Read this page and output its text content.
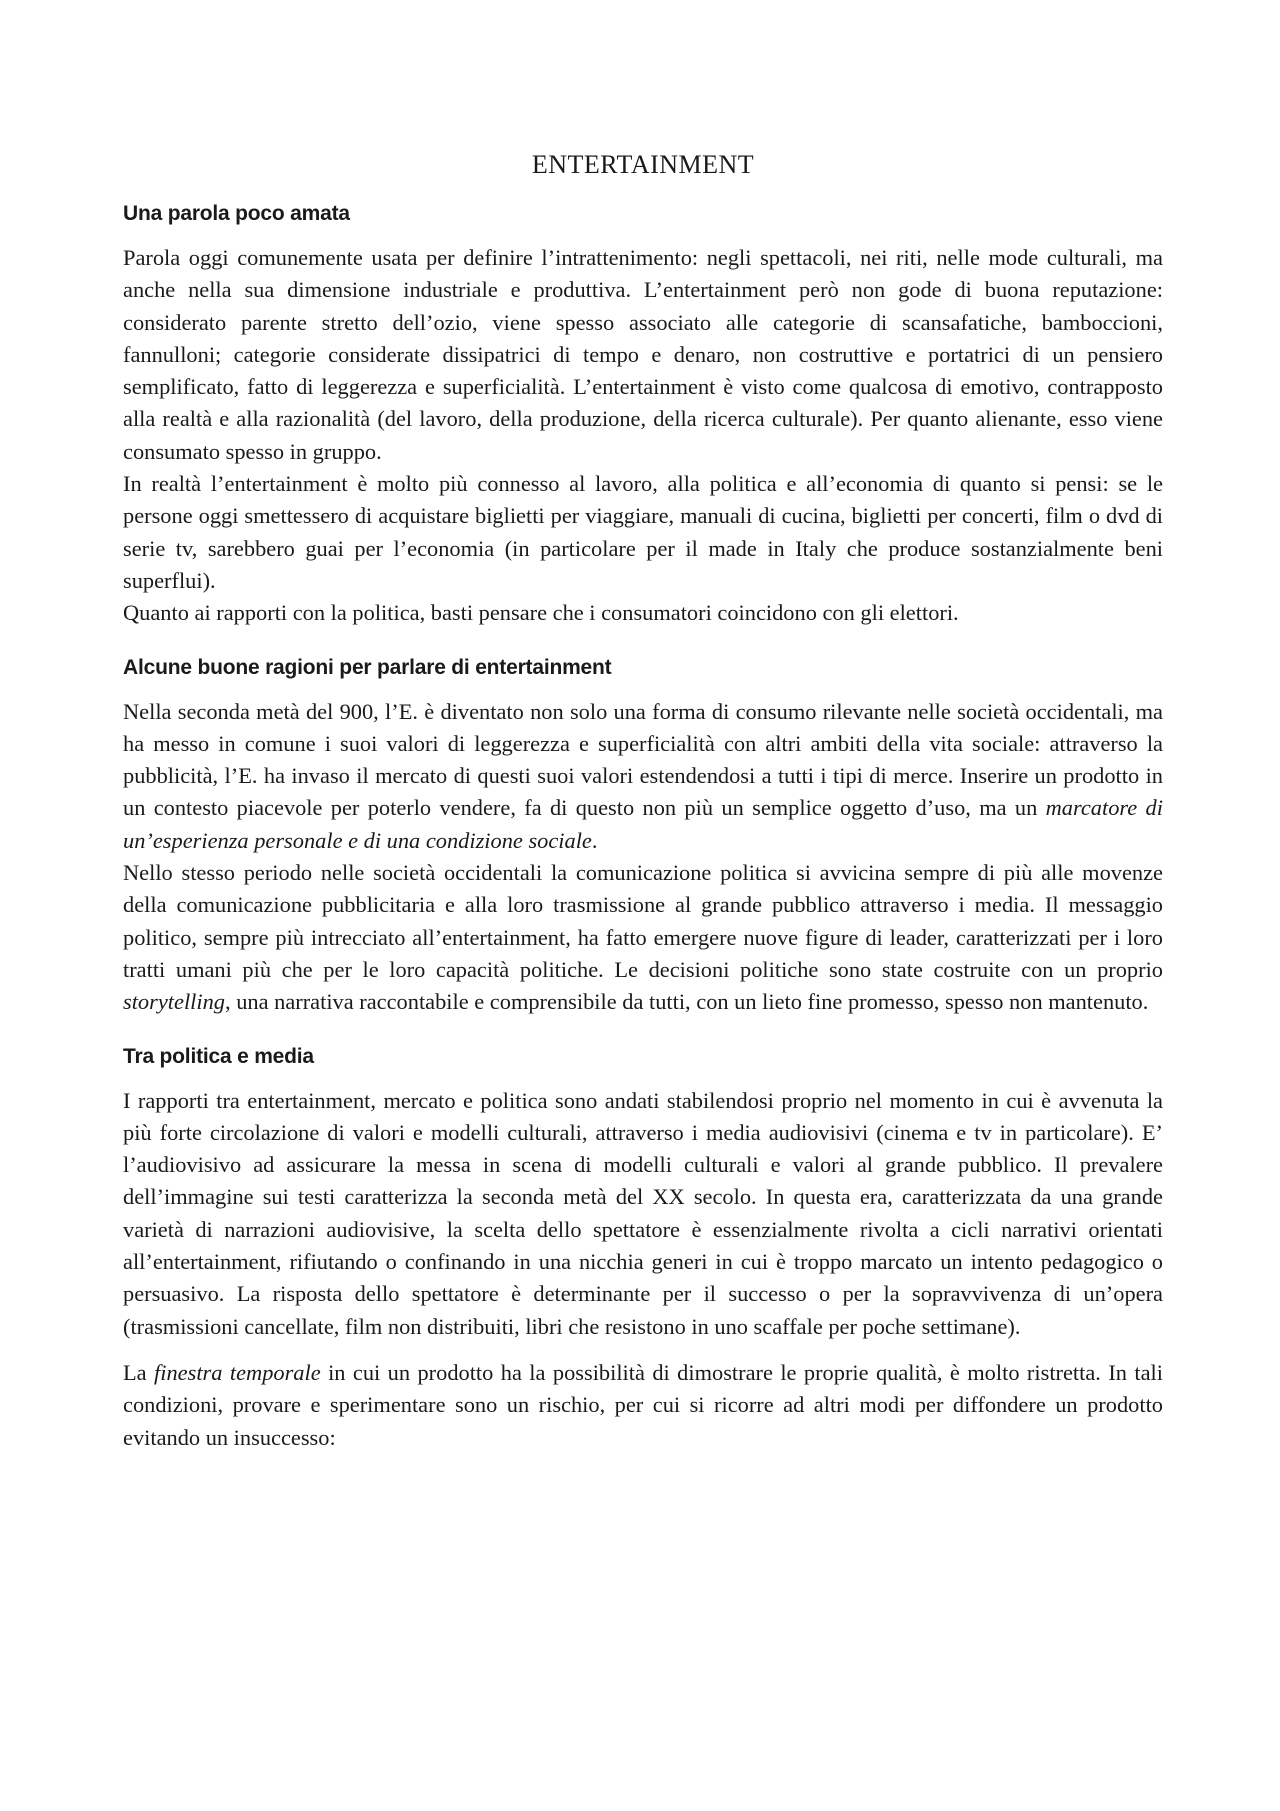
ENTERTAINMENT
Una parola poco amata

Parola oggi comunemente usata per definire l’intrattenimento: negli spettacoli, nei riti, nelle mode culturali, ma anche nella sua dimensione industriale e produttiva. L’entertainment però non gode di buona reputazione: considerato parente stretto dell’ozio, viene spesso associato alle categorie di scansafatiche, bamboccioni, fannulloni; categorie considerate dissipatrici di tempo e denaro, non costruttive e portatrici di un pensiero semplificato, fatto di leggerezza e superficialità. L’entertainment è visto come qualcosa di emotivo, contrapposto alla realtà e alla razionalità (del lavoro, della produzione, della ricerca culturale). Per quanto alienante, esso viene consumato spesso in gruppo.

In realtà l’entertainment è molto più connesso al lavoro, alla politica e all’economia di quanto si pensi: se le persone oggi smettessero di acquistare biglietti per viaggiare, manuali di cucina, biglietti per concerti, film o dvd di serie tv, sarebbero guai per l’economia (in particolare per il made in Italy che produce sostanzialmente beni superflui).

Quanto ai rapporti con la politica, basti pensare che i consumatori coincidono con gli elettori.

Alcune buone ragioni per parlare di entertainment

Nella seconda metà del 900, l’E. è diventato non solo una forma di consumo rilevante nelle società occidentali, ma ha messo in comune i suoi valori di leggerezza e superficialità con altri ambiti della vita sociale: attraverso la pubblicità, l’E. ha invaso il mercato di questi suoi valori estendendosi a tutti i tipi di merce. Inserire un prodotto in un contesto piacevole per poterlo vendere, fa di questo non più un semplice oggetto d’uso, ma un marcatore di un’esperienza personale e di una condizione sociale.

Nello stesso periodo nelle società occidentali la comunicazione politica si avvicina sempre di più alle movenze della comunicazione pubblicitaria e alla loro trasmissione al grande pubblico attraverso i media. Il messaggio politico, sempre più intrecciato all’entertainment, ha fatto emergere nuove figure di leader, caratterizzati per i loro tratti umani più che per le loro capacità politiche. Le decisioni politiche sono state costruite con un proprio storytelling, una narrativa raccontabile e comprensibile da tutti, con un lieto fine promesso, spesso non mantenuto.

Tra politica e media

I rapporti tra entertainment, mercato e politica sono andati stabilendosi proprio nel momento in cui è avvenuta la più forte circolazione di valori e modelli culturali, attraverso i media audiovisivi (cinema e tv in particolare). E’ l’audiovisivo ad assicurare la messa in scena di modelli culturali e valori al grande pubblico. Il prevalere dell’immagine sui testi caratterizza la seconda metà del XX secolo. In questa era, caratterizzata da una grande varietà di narrazioni audiovisive, la scelta dello spettatore è essenzialmente rivolta a cicli narrativi orientati all’entertainment, rifiutando o confinando in una nicchia generi in cui è troppo marcato un intento pedagogico o persuasivo. La risposta dello spettatore è determinante per il successo o per la sopravvivenza di un’opera (trasmissioni cancellate, film non distribuiti, libri che resistono in uno scaffale per poche settimane).

La finestra temporale in cui un prodotto ha la possibilità di dimostrare le proprie qualità, è molto ristretta. In tali condizioni, provare e sperimentare sono un rischio, per cui si ricorre ad altri modi per diffondere un prodotto evitando un insuccesso:
